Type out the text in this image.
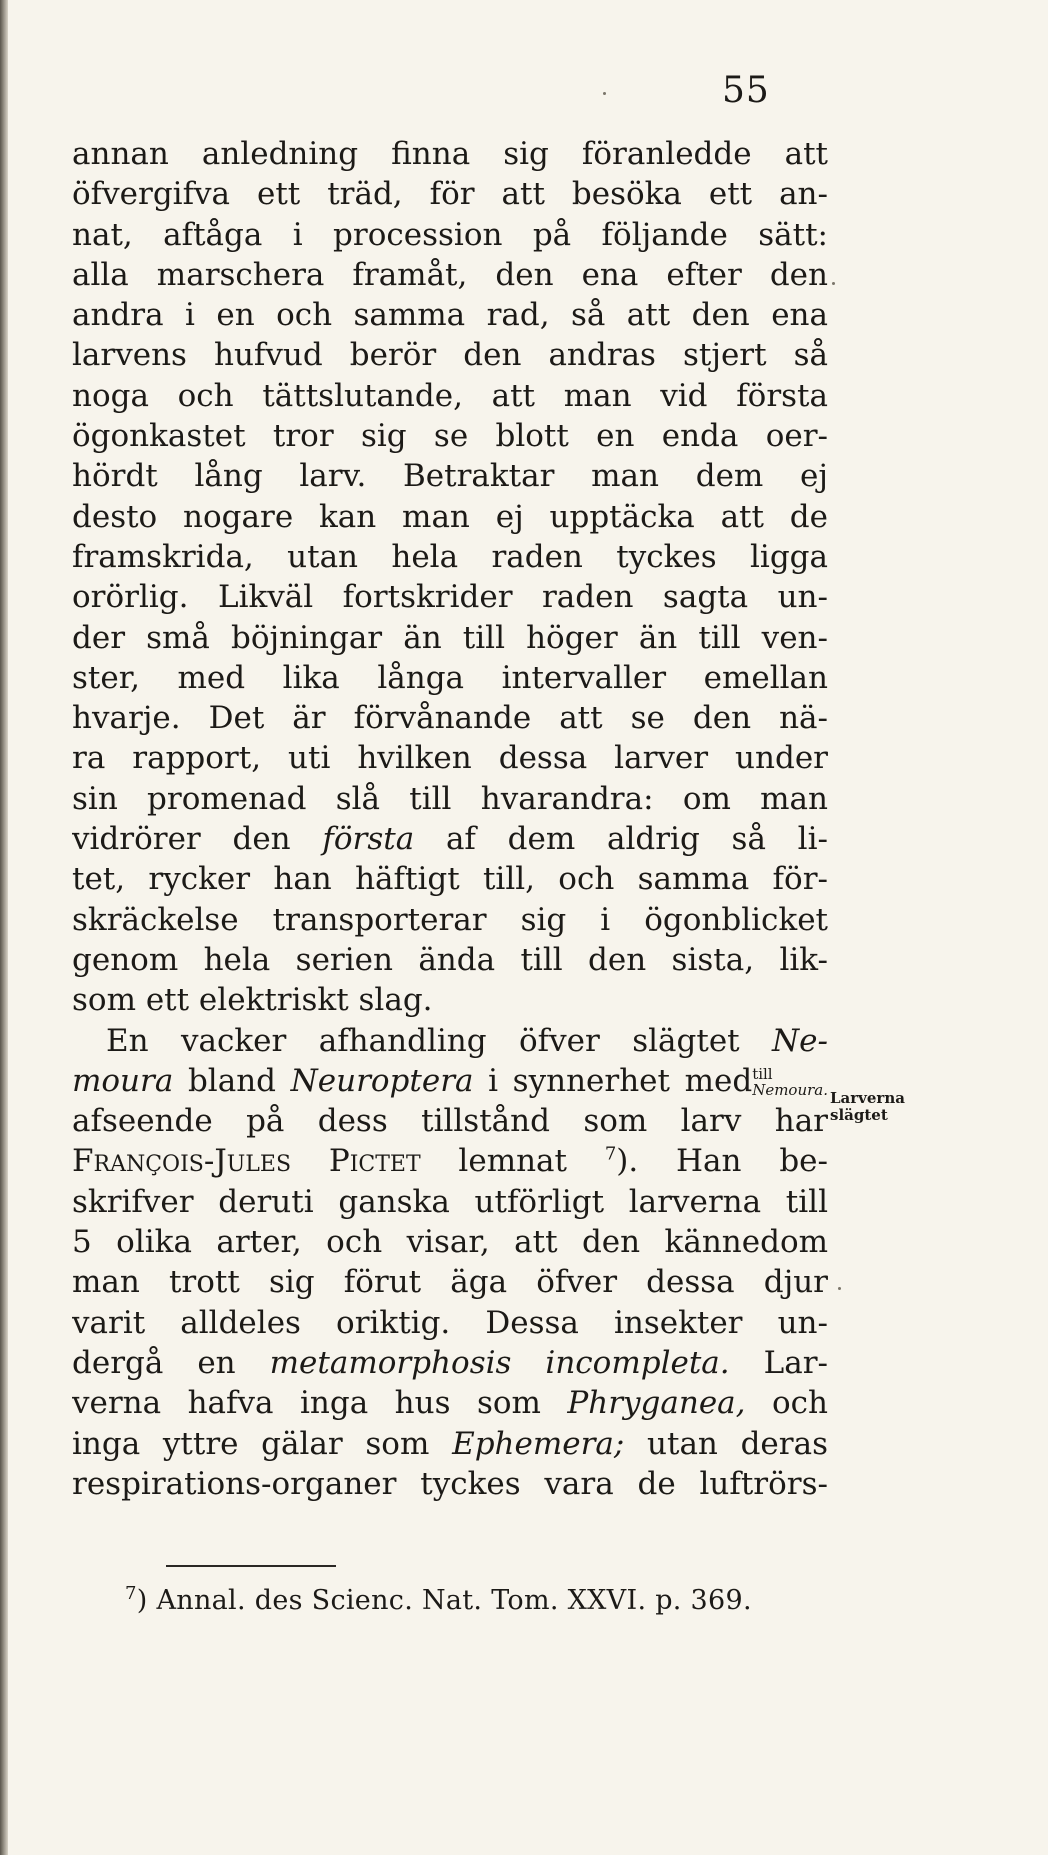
55
annan anledning finna sig föranledde att
öfvergifva ett träd, för att besöka ett an-
nat, aftåga i procession på följande sätt:
alla marschera framåt, den ena efter den
andra i en och samma rad, så att den ena
larvens hufvud berör den andras stjert så
noga och tättslutande, att man vid första
ögonkastet tror sig se blott en enda oer-
hördt lång larv. Betraktar man dem ej
desto nogare kan man ej upptäcka att de
framskrida, utan hela raden tyckes ligga
orörlig. Likväl fortskrider raden sagta un-
der små böjningar än till höger än till ven-
ster, med lika långa intervaller emellan
hvarje. Det är förvånande att se den nä-
ra rapport, uti hvilken dessa larver under
sin promenad slå till hvarandra: om man
vidrörer den första af dem aldrig så li-
tet, rycker han häftigt till, och samma för-
skräckelse transporterar sig i ögonblicket
genom hela serien ända till den sista, lik-
som ett elektriskt slag.
En vacker afhandling öfver slägtet Ne-
moura bland Neuroptera i synnerhet med till
Nemoura.
afseende på dess tillstånd som larv har
François-Jules Pictet lemnat $^7$). Han be-
skrifver deruti ganska utförligt larverna till
5 olika arter, och visar, att den kännedom
man trott sig förut äga öfver dessa djur
varit alldeles oriktig. Dessa insekter un-
dergå en metamorphosis incompleta. Lar-
verna hafva inga hus som Phryganea, och
inga yttre gälar som Ephemera; utan deras
respirations-organer tyckes vara de luftrörs-
Larverna
slägtet
$^7$) Annal. des Scienc. Nat. Tom. XXVI. p. 369.
